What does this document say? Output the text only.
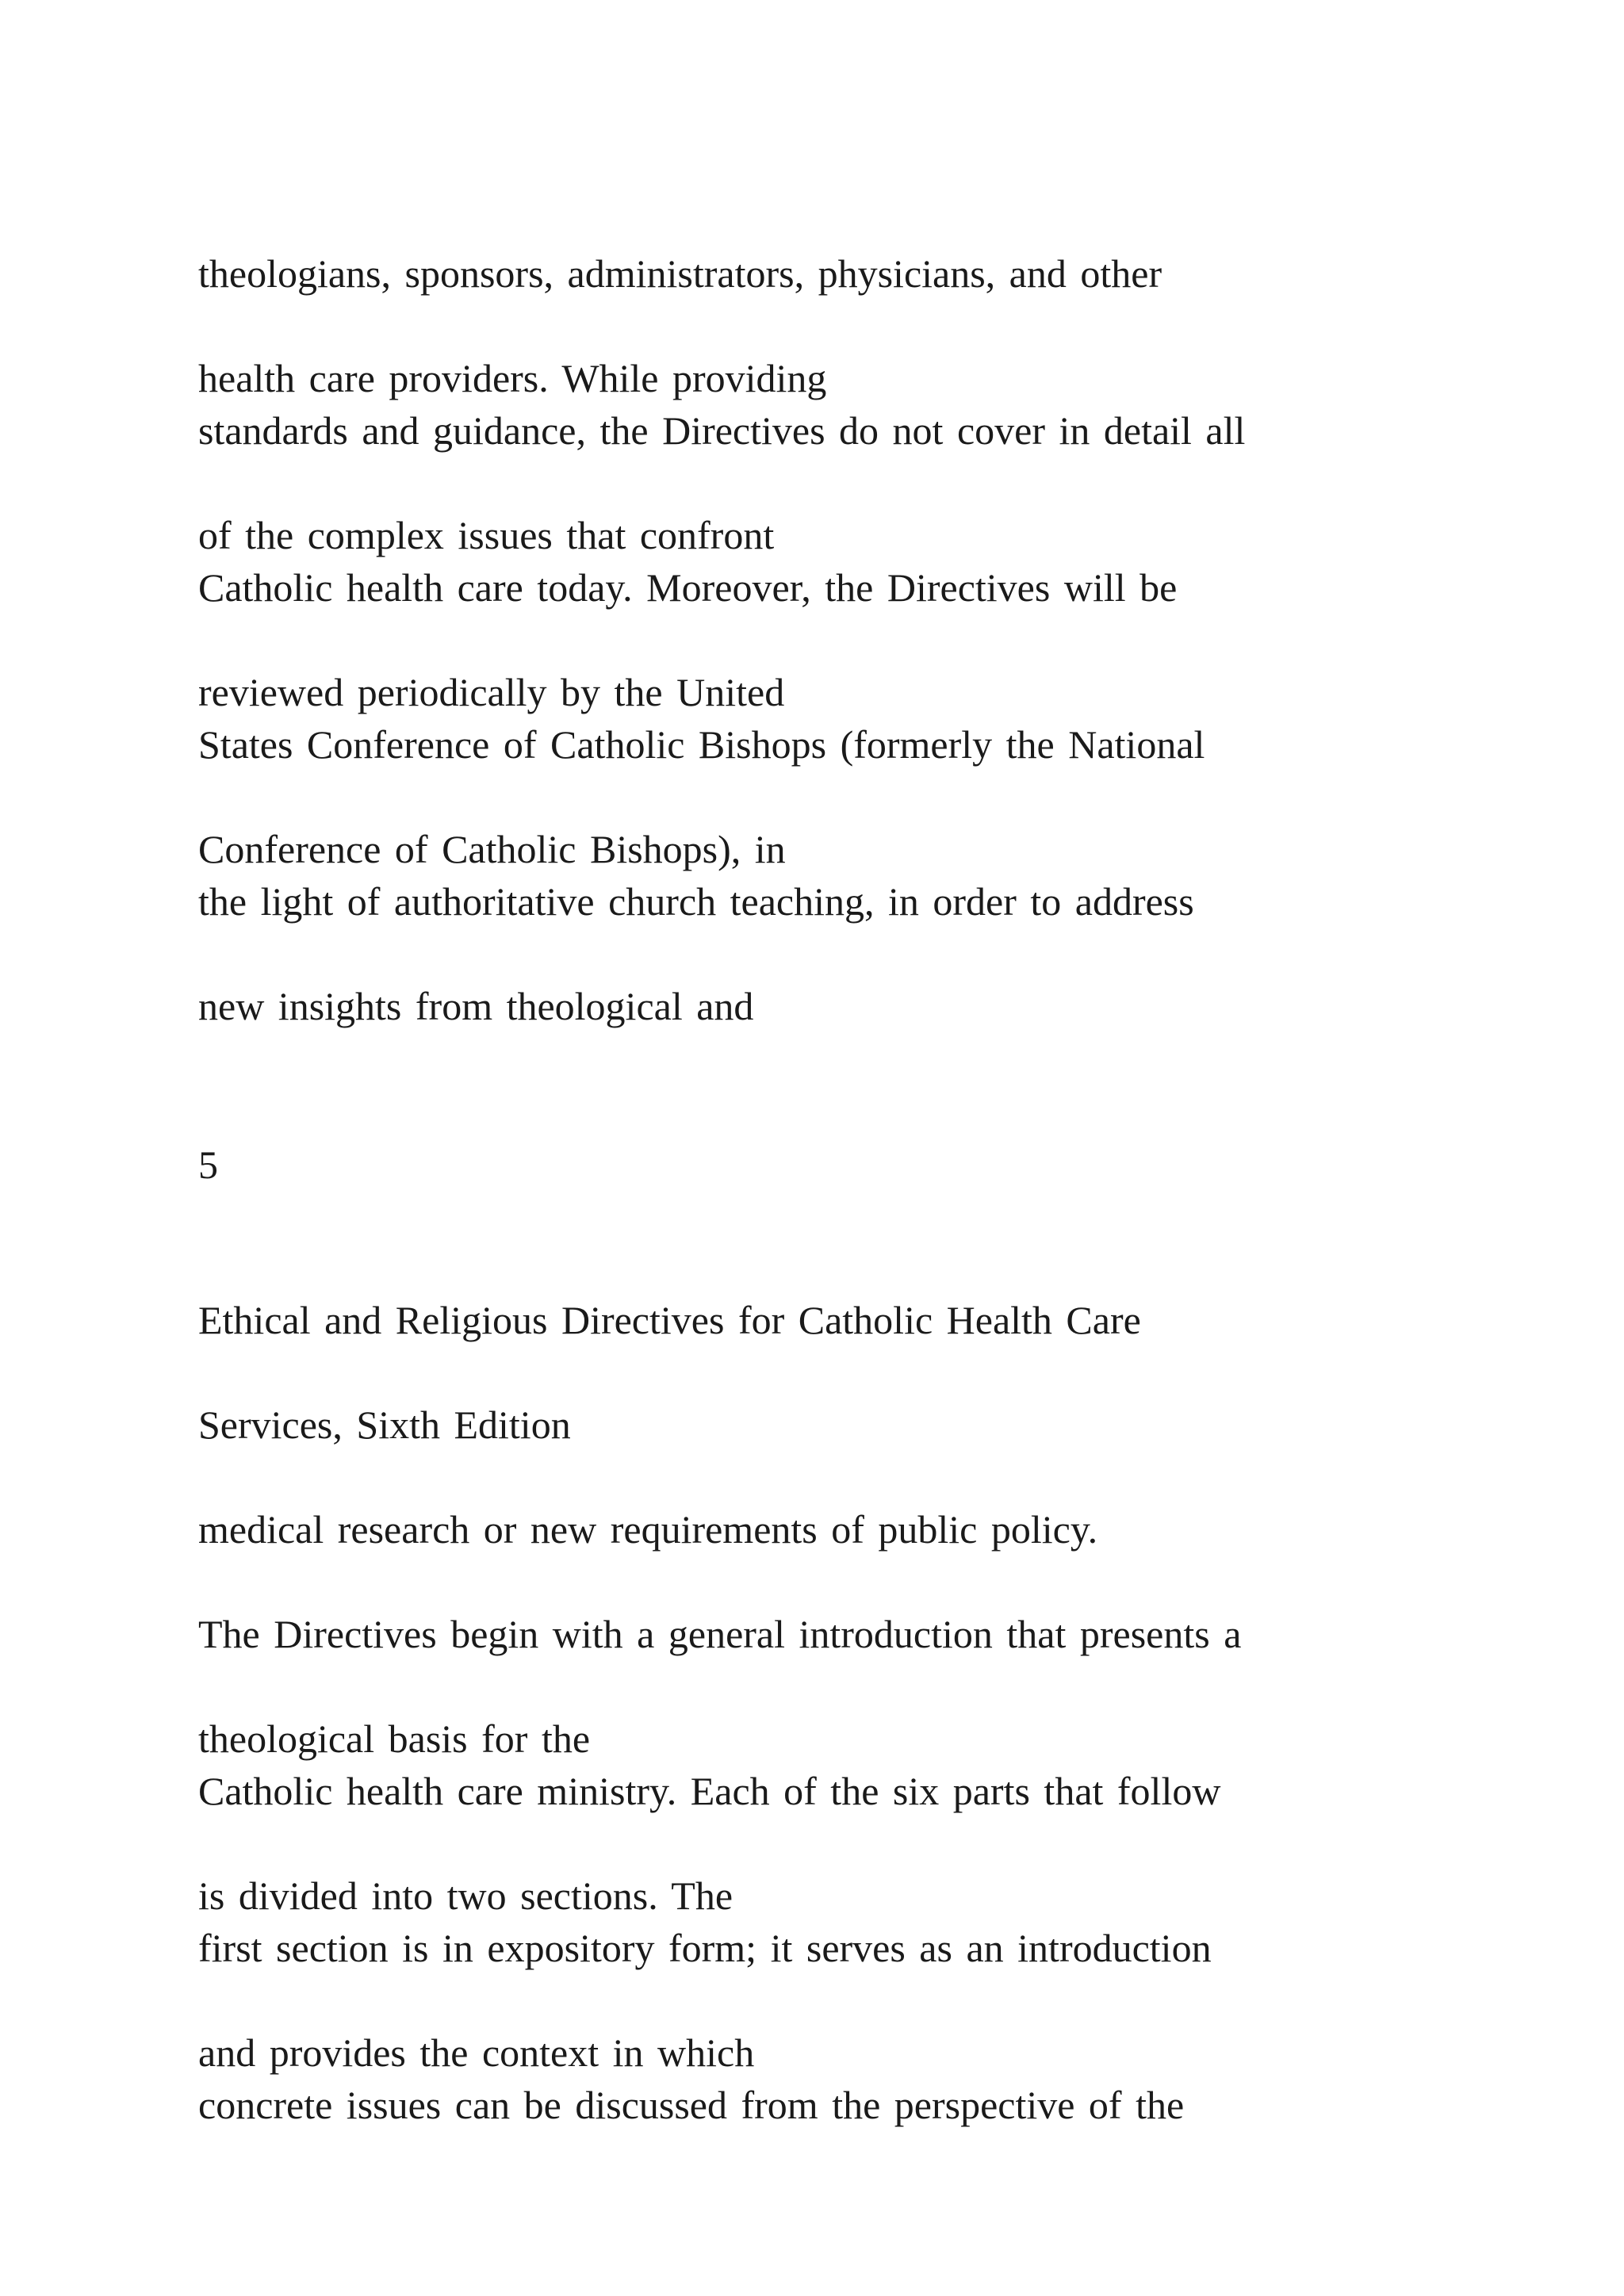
theologians, sponsors, administrators, physicians, and other

health care providers. While providing

standards and guidance, the Directives do not cover in detail all

of the complex issues that confront

Catholic health care today. Moreover, the Directives will be

reviewed periodically by the United

States Conference of Catholic Bishops (formerly the National

Conference of Catholic Bishops), in

the light of authoritative church teaching, in order to address

new insights from theological and

5

Ethical and Religious Directives for Catholic Health Care

Services, Sixth Edition

medical research or new requirements of public policy.

The Directives begin with a general introduction that presents a

theological basis for the

Catholic health care ministry. Each of the six parts that follow

is divided into two sections. The

first section is in expository form; it serves as an introduction

and provides the context in which

concrete issues can be discussed from the perspective of the
